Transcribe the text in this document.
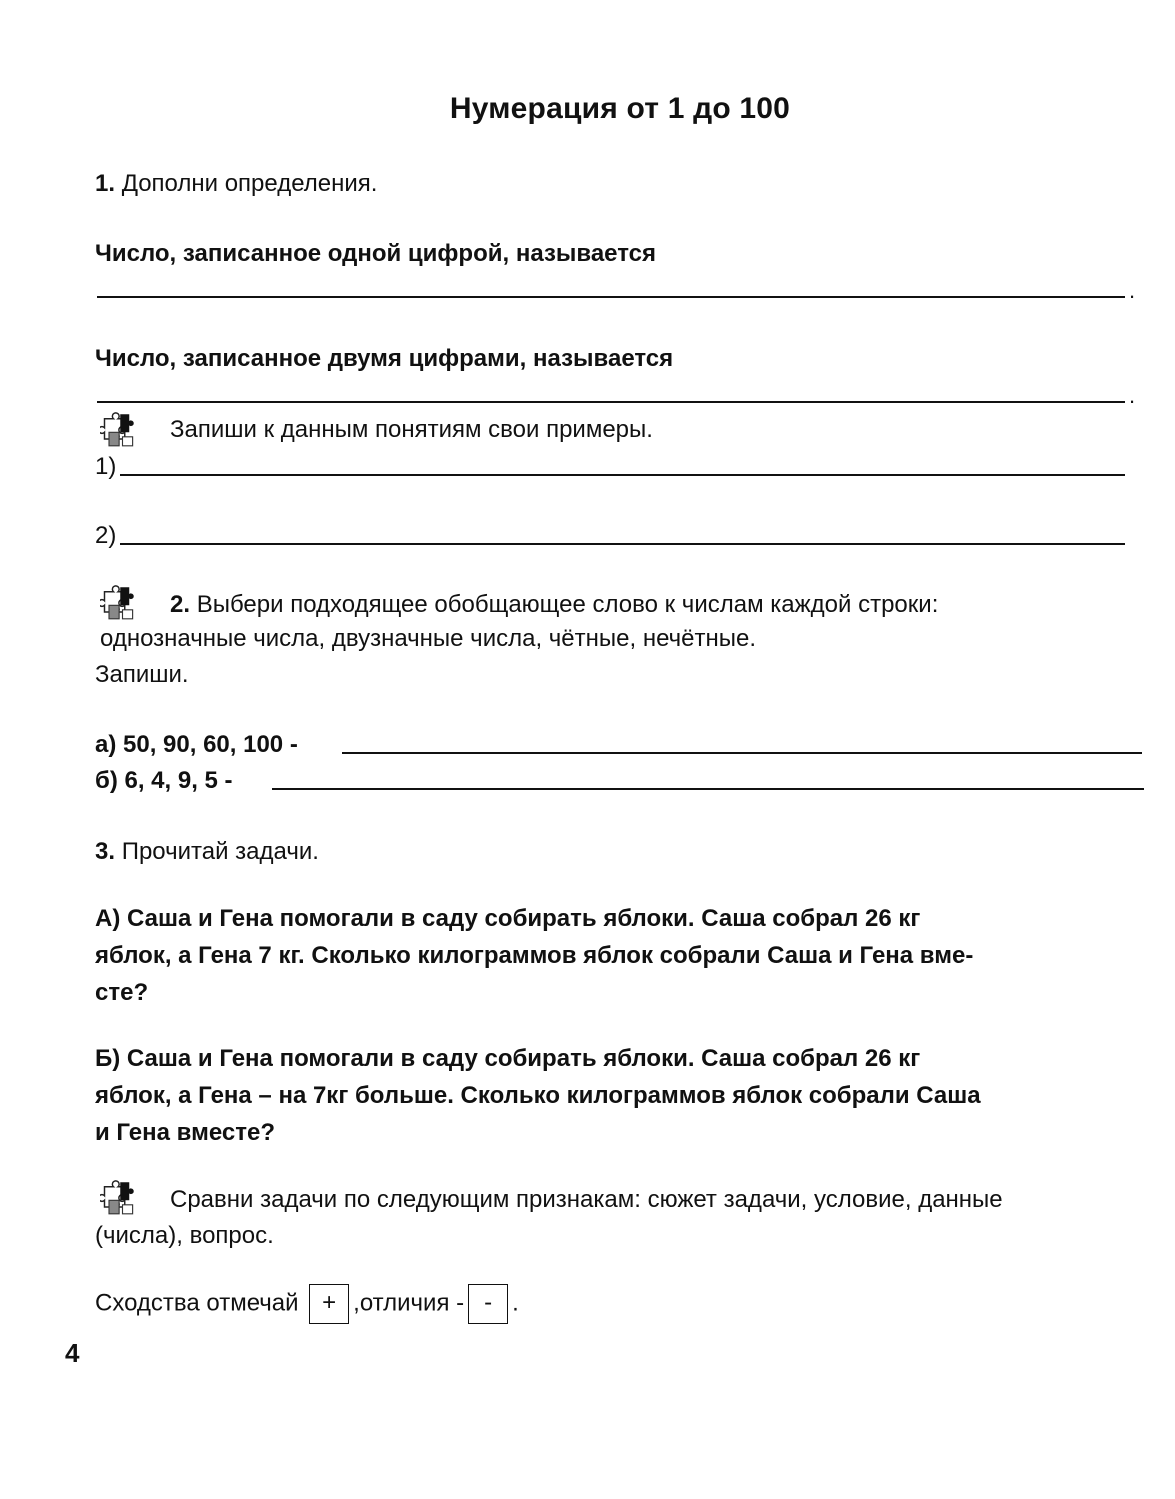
Нумерация от 1 до 100
1. Дополни определения.
Число, записанное одной цифрой, называется
.
Число, записанное двумя цифрами, называется
.
Запиши к данным понятиям свои примеры.
1)
2)
2. Выбери подходящее обобщающее слово к числам каждой строки:
однозначные числа, двузначные числа, чётные, нечётные.
Запиши.
а) 50, 90, 60, 100 -
б) 6, 4, 9, 5 -
3. Прочитай задачи.
А) Саша и Гена помогали в саду собирать яблоки. Саша собрал 26 кг
яблок, а Гена 7 кг. Сколько килограммов яблок собрали Саша и Гена вме-
сте?
Б) Саша и Гена помогали в саду собирать яблоки. Саша собрал 26 кг
яблок, а Гена – на 7кг больше. Сколько килограммов яблок собрали Саша
и Гена вместе?
Сравни задачи по следующим признакам: сюжет задачи, условие, данные
(числа), вопрос.
Сходства отмечай + ,отличия - - .
4
